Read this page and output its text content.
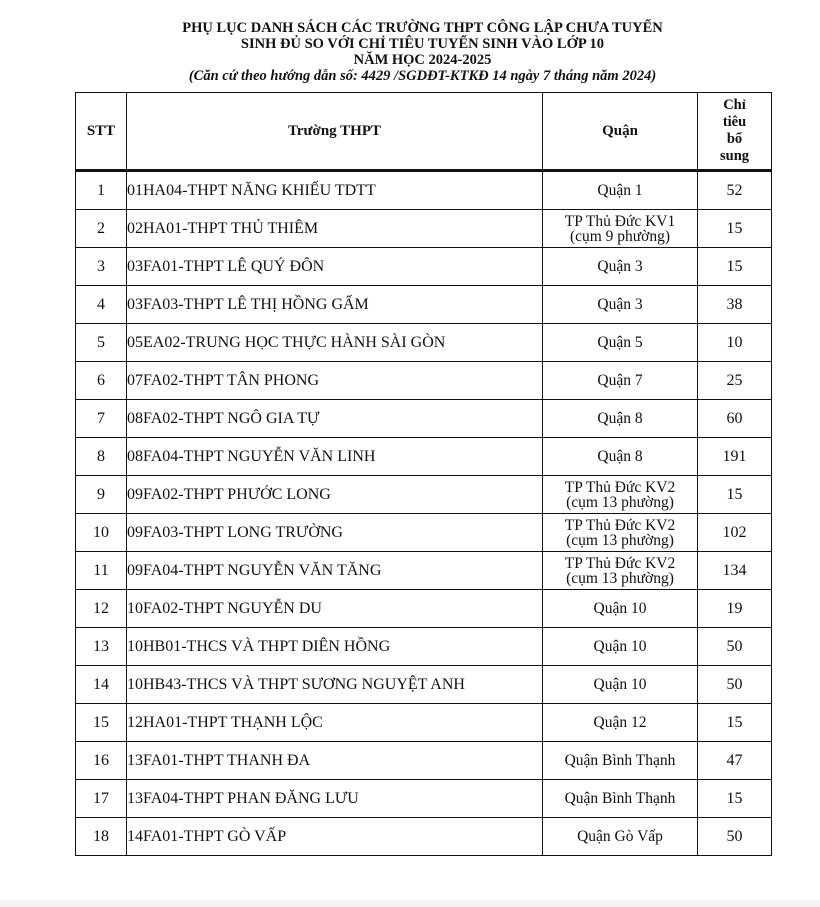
PHỤ LỤC DANH SÁCH CÁC TRƯỜNG THPT CÔNG LẬP CHƯA TUYỂN
SINH ĐỦ SO VỚI CHỈ TIÊU TUYỂN SINH VÀO LỚP 10
NĂM HỌC 2024-2025
(Căn cứ theo hướng dẫn số: 4429 /SGDĐT-KTKĐ 14 ngày 7 tháng năm 2024)
STT	Trường THPT	Quận	Chỉ
tiêu
bổ
sung

1	01HA04-THPT NĂNG KHIẾU TDTT	Quận 1	52
2	02HA01-THPT THỦ THIÊM	TP Thủ Đức KV1
(cụm 9 phường)	15
3	03FA01-THPT LÊ QUÝ ĐÔN	Quận 3	15
4	03FA03-THPT LÊ THỊ HỒNG GẤM	Quận 3	38
5	05EA02-TRUNG HỌC THỰC HÀNH SÀI GÒN	Quận 5	10
6	07FA02-THPT TÂN PHONG	Quận 7	25
7	08FA02-THPT NGÔ GIA TỰ	Quận 8	60
8	08FA04-THPT NGUYỄN VĂN LINH	Quận 8	191
9	09FA02-THPT PHƯỚC LONG	TP Thủ Đức KV2
(cụm 13 phường)	15
10	09FA03-THPT LONG TRƯỜNG	TP Thủ Đức KV2
(cụm 13 phường)	102
11	09FA04-THPT NGUYỄN VĂN TĂNG	TP Thủ Đức KV2
(cụm 13 phường)	134
12	10FA02-THPT NGUYỄN DU	Quận 10	19
13	10HB01-THCS VÀ THPT DIÊN HỒNG	Quận 10	50
14	10HB43-THCS VÀ THPT SƯƠNG NGUYỆT ANH	Quận 10	50
15	12HA01-THPT THẠNH LỘC	Quận 12	15
16	13FA01-THPT THANH ĐA	Quận Bình Thạnh	47
17	13FA04-THPT PHAN ĐĂNG LƯU	Quận Bình Thạnh	15
18	14FA01-THPT GÒ VẤP	Quận Gò Vấp	50
